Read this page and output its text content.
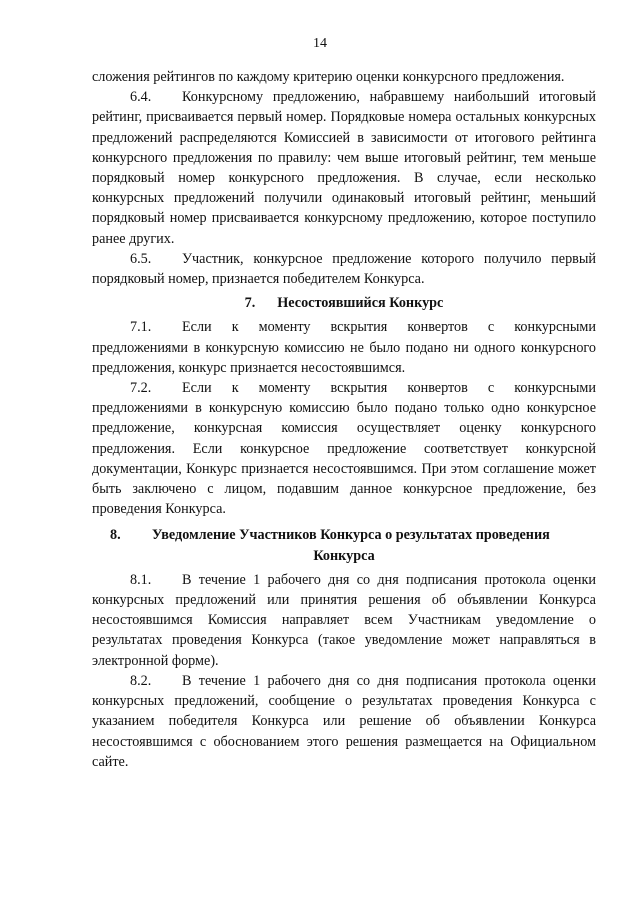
14

сложения рейтингов по каждому критерию оценки конкурсного предложения.

6.4. Конкурсному предложению, набравшему наибольший итоговый рейтинг, присваивается первый номер. Порядковые номера остальных конкурсных предложений распределяются Комиссией в зависимости от итогового рейтинга конкурсного предложения по правилу: чем выше итоговый рейтинг, тем меньше порядковый номер конкурсного предложения. В случае, если несколько конкурсных предложений получили одинаковый итоговый рейтинг, меньший порядковый номер присваивается конкурсному предложению, которое поступило ранее других.

6.5. Участник, конкурсное предложение которого получило первый порядковый номер, признается победителем Конкурса.

7. Несостоявшийся Конкурс

7.1. Если к моменту вскрытия конвертов с конкурсными предложениями в конкурсную комиссию не было подано ни одного конкурсного предложения, конкурс признается несостоявшимся.

7.2. Если к моменту вскрытия конвертов с конкурсными предложениями в конкурсную комиссию было подано только одно конкурсное предложение, конкурсная комиссия осуществляет оценку конкурсного предложения. Если конкурсное предложение соответствует конкурсной документации, Конкурс признается несостоявшимся. При этом соглашение может быть заключено с лицом, подавшим данное конкурсное предложение, без проведения Конкурса.

8. Уведомление Участников Конкурса о результатах проведения
Конкурса

8.1. В течение 1 рабочего дня со дня подписания протокола оценки конкурсных предложений или принятия решения об объявлении Конкурса несостоявшимся Комиссия направляет всем Участникам уведомление о результатах проведения Конкурса (такое уведомление может направляться в электронной форме).

8.2. В течение 1 рабочего дня со дня подписания протокола оценки конкурсных предложений, сообщение о результатах проведения Конкурса с указанием победителя Конкурса или решение об объявлении Конкурса несостоявшимся с обоснованием этого решения размещается на Официальном сайте.
